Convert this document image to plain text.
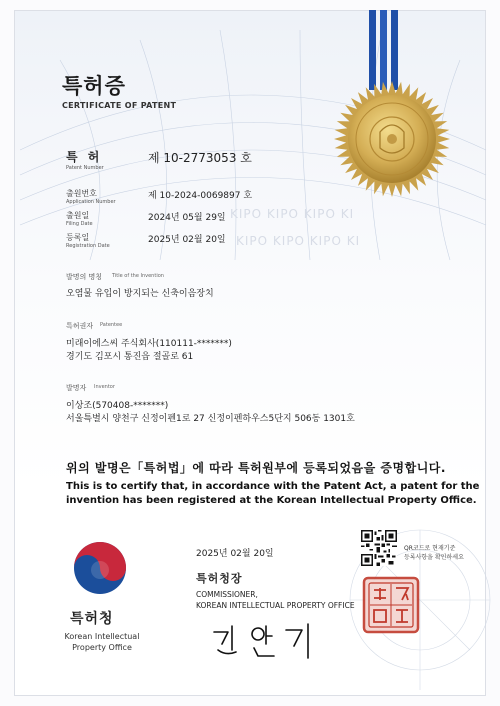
KIPO KIPO KIPO KI
KIPO KIPO KIPO KI
특허증
CERTIFICATE OF PATENT
특 허
Patent Number
제 10-2773053 호
출원번호
Application Number
제 10-2024-0069897 호
출원일
Filing Date
2024년 05월 29일
등록일
Registration Date
2025년 02월 20일
발명의 명칭 Title of the Invention
오염물 유입이 방지되는 신축이음장치
특허권자 Patentee
미래이에스씨 주식회사(110111-*******)
경기도 김포시 통진읍 절골로 61
발명자 Inventor
이상조(570408-*******)
서울특별시 양천구 신정이펜1로 27 신정이펜하우스5단지 506동 1301호
위의 발명은「특허법」에 따라 특허원부에 등록되었음을 증명합니다.
This is to certify that, in accordance with the Patent Act, a patent for the
invention has been registered at the Korean Intellectual Property Office.
특허청
Korean Intellectual
Property Office
2025년 02월 20일
특허청장
COMMISSIONER,
KOREAN INTELLECTUAL PROPERTY OFFICE
QR코드로 현재기준
등록사항을 확인하세요
